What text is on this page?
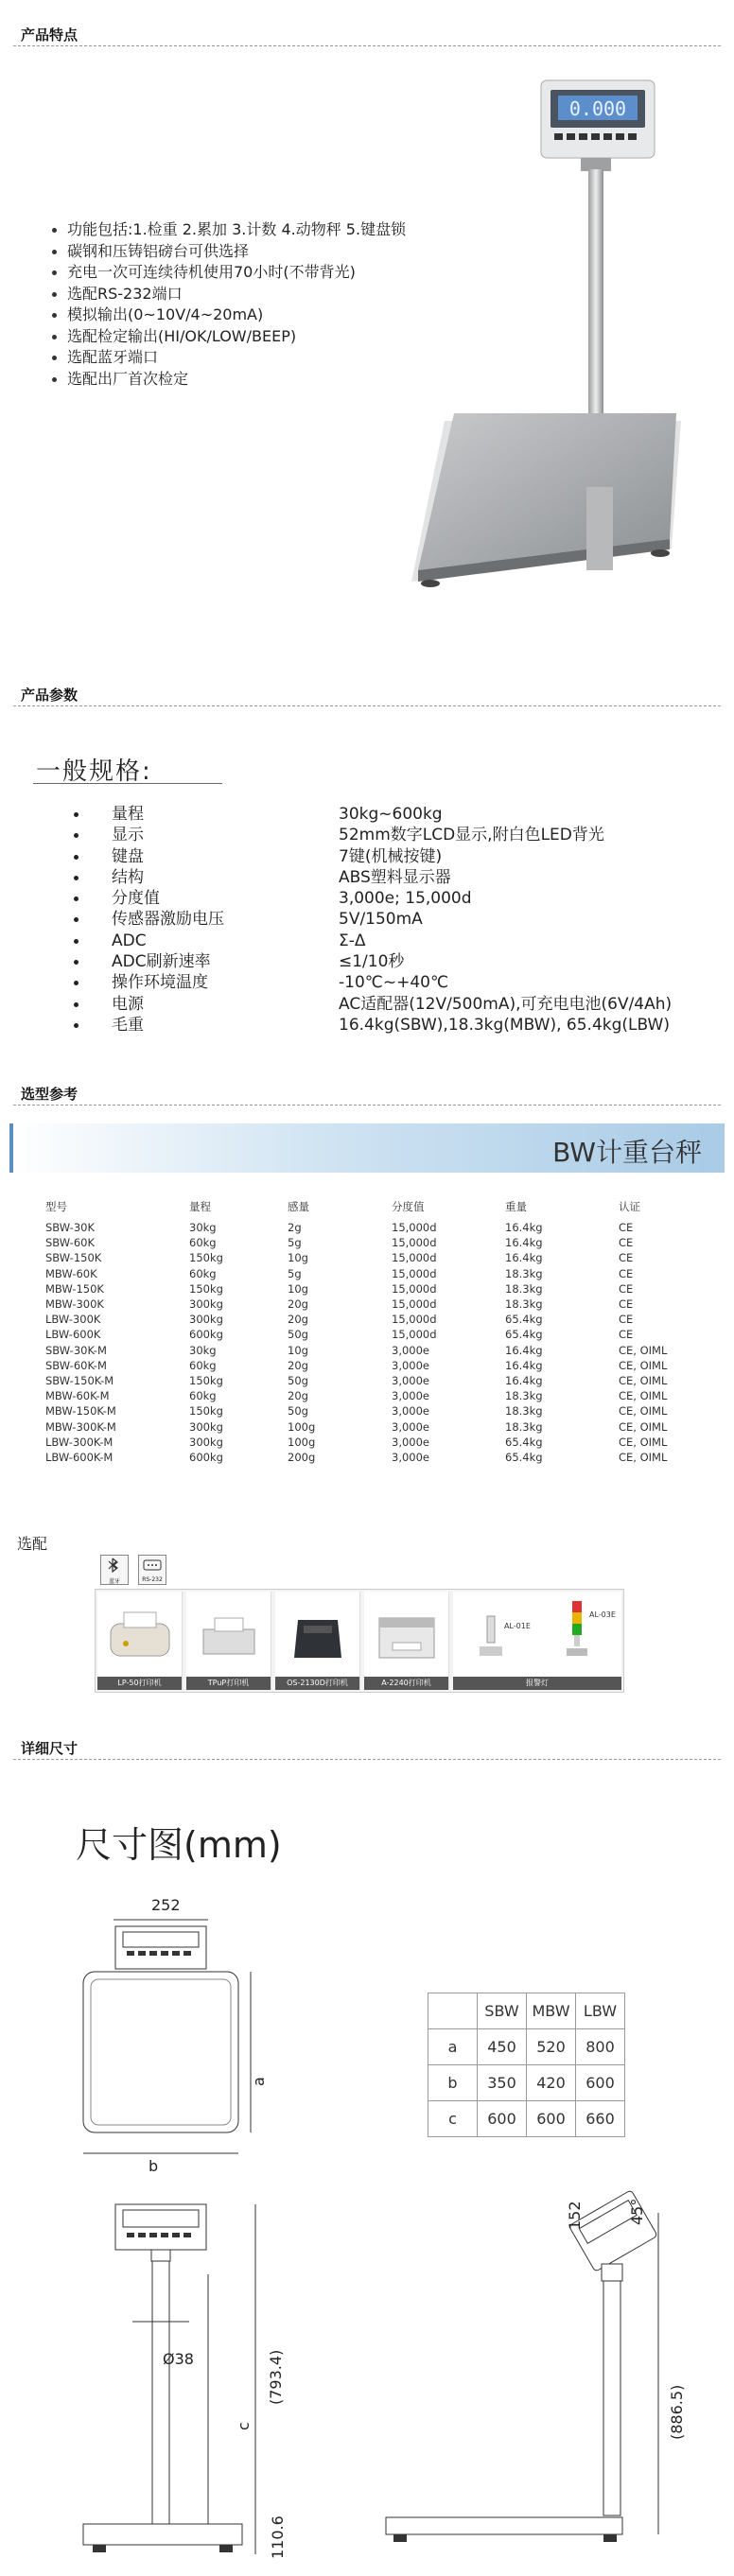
产品特点
功能包括:1.检重 2.累加 3.计数 4.动物秤 5.键盘锁
碳钢和压铸铝磅台可供选择
充电一次可连续待机使用70小时(不带背光)
选配RS-232端口
模拟输出(0~10V/4~20mA)
选配检定输出(HI/OK/LOW/BEEP)
选配蓝牙端口
选配出厂首次检定
0.000
产品参数
一般规格:
量程	30kg~600kg
显示	52mm数字LCD显示,附白色LED背光
键盘	7键(机械按键)
结构	ABS塑料显示器
分度值	3,000e; 15,000d
传感器激励电压	5V/150mA
ADC	Σ-Δ
ADC刷新速率	≤1/10秒
操作环境温度	-10℃~+40℃
电源	AC适配器(12V/500mA),可充电电池(6V/4Ah)
毛重	16.4kg(SBW),18.3kg(MBW), 65.4kg(LBW)
选型参考
BW计重台秤
型号	量程	感量	分度值	重量	认证
SBW-30K	30kg	2g	15,000d	16.4kg	CE
SBW-60K	60kg	5g	15,000d	16.4kg	CE
SBW-150K	150kg	10g	15,000d	16.4kg	CE
MBW-60K	60kg	5g	15,000d	18.3kg	CE
MBW-150K	150kg	10g	15,000d	18.3kg	CE
MBW-300K	300kg	20g	15,000d	18.3kg	CE
LBW-300K	300kg	20g	15,000d	65.4kg	CE
LBW-600K	600kg	50g	15,000d	65.4kg	CE
SBW-30K-M	30kg	10g	3,000e	16.4kg	CE, OIML
SBW-60K-M	60kg	20g	3,000e	16.4kg	CE, OIML
SBW-150K-M	150kg	50g	3,000e	16.4kg	CE, OIML
MBW-60K-M	60kg	20g	3,000e	18.3kg	CE, OIML
MBW-150K-M	150kg	50g	3,000e	18.3kg	CE, OIML
MBW-300K-M	300kg	100g	3,000e	18.3kg	CE, OIML
LBW-300K-M	300kg	100g	3,000e	65.4kg	CE, OIML
LBW-600K-M	600kg	200g	3,000e	65.4kg	CE, OIML
选配
蓝牙	RS-232
LP-50打印机	TPuP打印机	OS-2130D打印机	A-2240打印机
AL-01E
AL-03E
报警灯
详细尺寸
尺寸图(mm)
252
a
b
	SBW	MBW	LBW
a	450	520	800
b	350	420	600
c	600	600	660
Ø38
c
(793.4)
110.6
152	45°
(886.5)
